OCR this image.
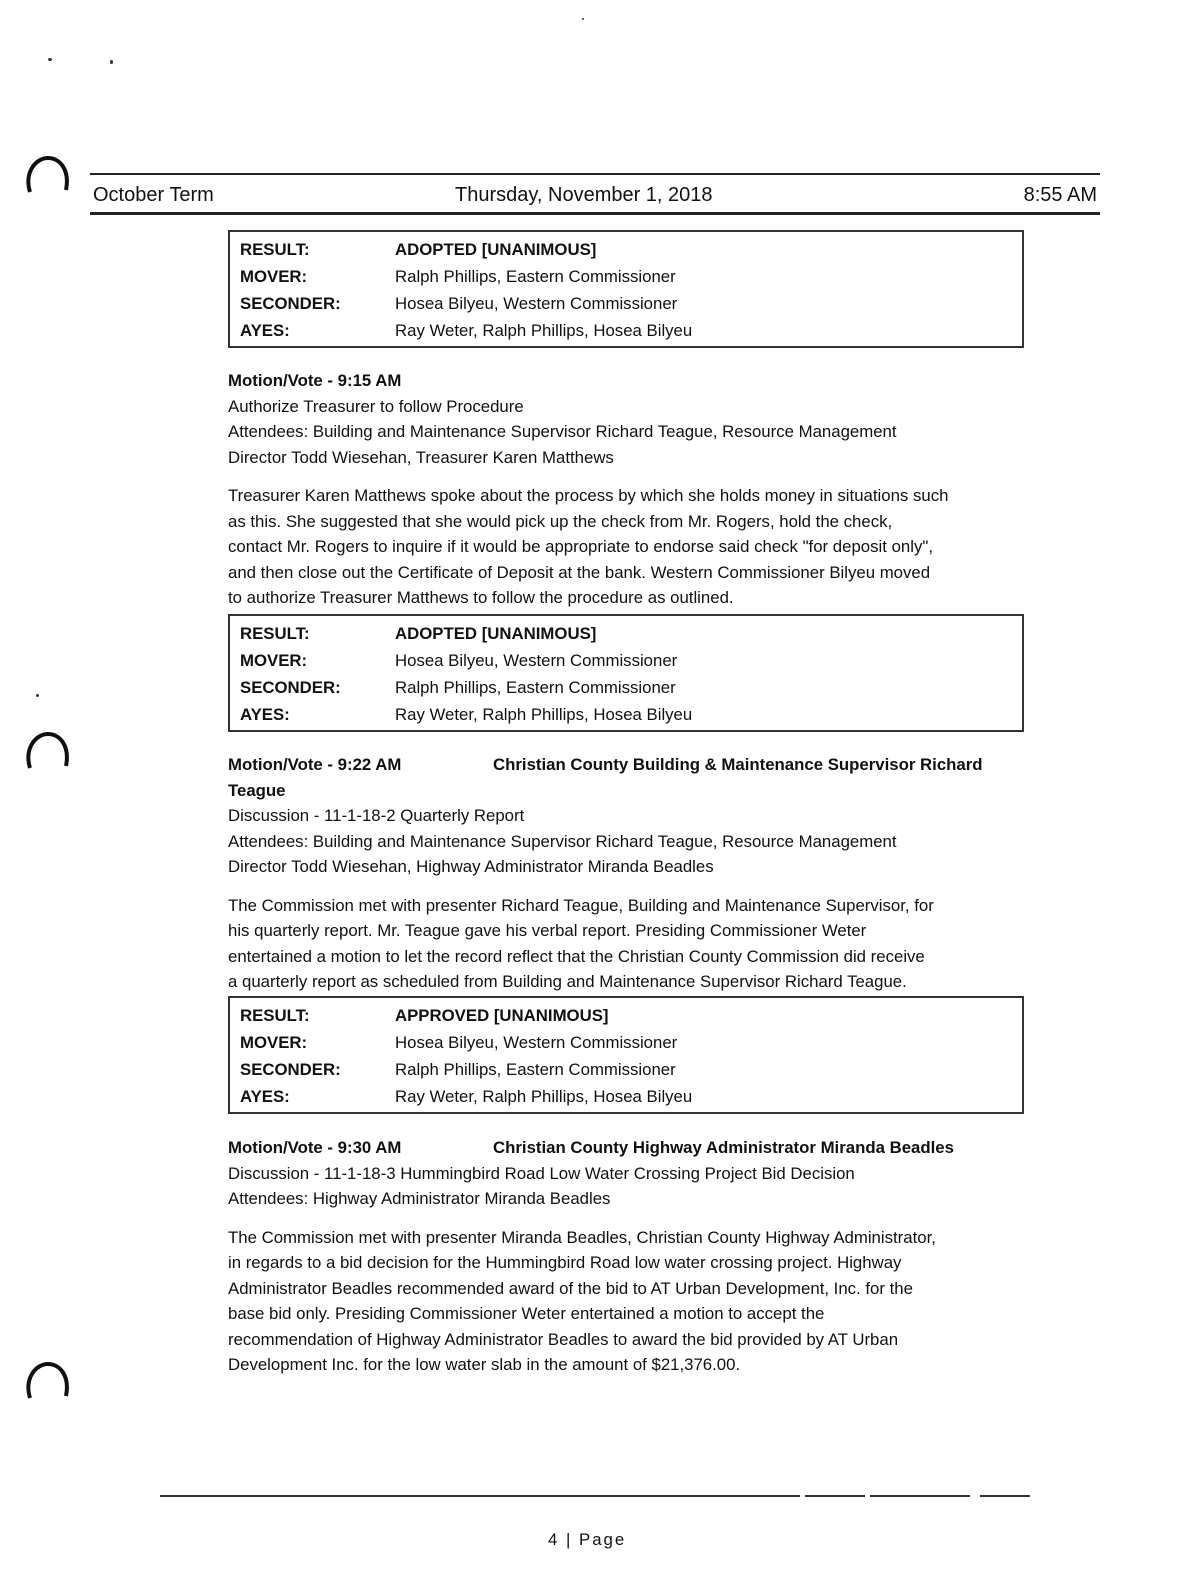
October Term	Thursday, November 1, 2018	8:55 AM
RESULT:	ADOPTED [UNANIMOUS]
MOVER:	Ralph Phillips, Eastern Commissioner
SECONDER:	Hosea Bilyeu, Western Commissioner
AYES:	Ray Weter, Ralph Phillips, Hosea Bilyeu
Motion/Vote - 9:15 AM
Authorize Treasurer to follow Procedure
Attendees: Building and Maintenance Supervisor Richard Teague, Resource Management
Director Todd Wiesehan, Treasurer Karen Matthews
Treasurer Karen Matthews spoke about the process by which she holds money in situations such
as this. She suggested that she would pick up the check from Mr. Rogers, hold the check,
contact Mr. Rogers to inquire if it would be appropriate to endorse said check "for deposit only",
and then close out the Certificate of Deposit at the bank. Western Commissioner Bilyeu moved
to authorize Treasurer Matthews to follow the procedure as outlined.
RESULT:	ADOPTED [UNANIMOUS]
MOVER:	Hosea Bilyeu, Western Commissioner
SECONDER:	Ralph Phillips, Eastern Commissioner
AYES:	Ray Weter, Ralph Phillips, Hosea Bilyeu
Motion/Vote - 9:22 AM	Christian County Building & Maintenance Supervisor Richard
Teague
Discussion - 11-1-18-2 Quarterly Report
Attendees: Building and Maintenance Supervisor Richard Teague, Resource Management
Director Todd Wiesehan, Highway Administrator Miranda Beadles
The Commission met with presenter Richard Teague, Building and Maintenance Supervisor, for
his quarterly report. Mr. Teague gave his verbal report. Presiding Commissioner Weter
entertained a motion to let the record reflect that the Christian County Commission did receive
a quarterly report as scheduled from Building and Maintenance Supervisor Richard Teague.
RESULT:	APPROVED [UNANIMOUS]
MOVER:	Hosea Bilyeu, Western Commissioner
SECONDER:	Ralph Phillips, Eastern Commissioner
AYES:	Ray Weter, Ralph Phillips, Hosea Bilyeu
Motion/Vote - 9:30 AM	Christian County Highway Administrator Miranda Beadles
Discussion - 11-1-18-3 Hummingbird Road Low Water Crossing Project Bid Decision
Attendees: Highway Administrator Miranda Beadles
The Commission met with presenter Miranda Beadles, Christian County Highway Administrator,
in regards to a bid decision for the Hummingbird Road low water crossing project. Highway
Administrator Beadles recommended award of the bid to AT Urban Development, Inc. for the
base bid only. Presiding Commissioner Weter entertained a motion to accept the
recommendation of Highway Administrator Beadles to award the bid provided by AT Urban
Development Inc. for the low water slab in the amount of $21,376.00.
4 | Page
